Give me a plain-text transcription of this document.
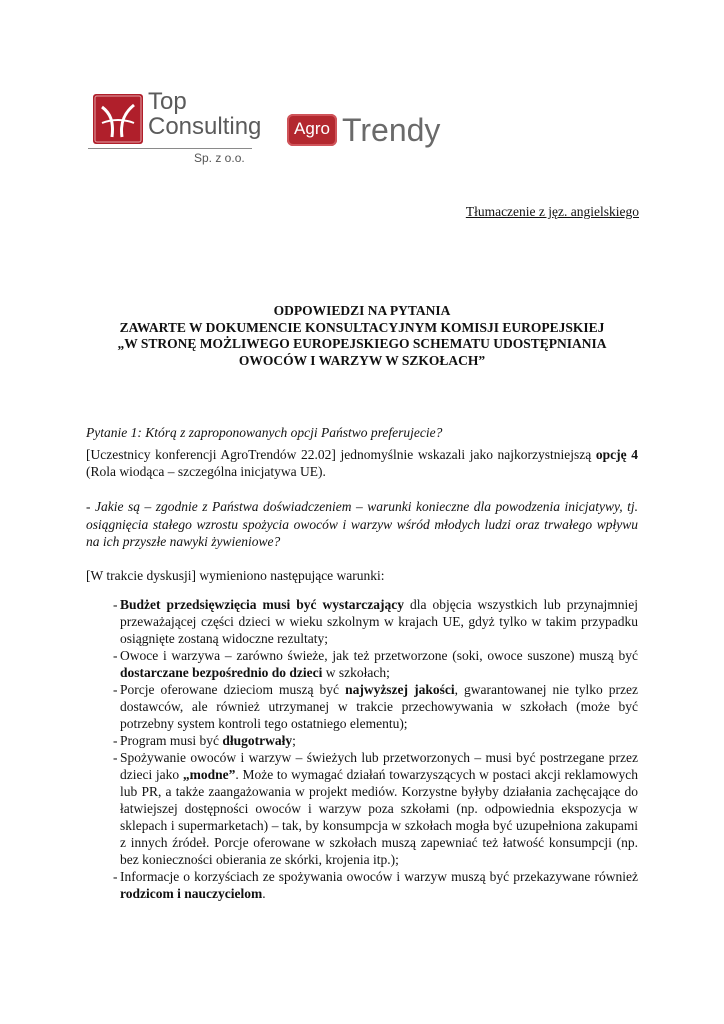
Top
Consulting
Sp. z o.o.
Agro Trendy
Tłumaczenie z jęz. angielskiego
ODPOWIEDZI NA PYTANIA
ZAWARTE W DOKUMENCIE KONSULTACYJNYM KOMISJI EUROPEJSKIEJ
„W STRONĘ MOŻLIWEGO EUROPEJSKIEGO SCHEMATU UDOSTĘPNIANIA
OWOCÓW I WARZYW W SZKOŁACH”
Pytanie 1: Którą z zaproponowanych opcji Państwo preferujecie?
[Uczestnicy konferencji AgroTrendów 22.02] jednomyślnie wskazali jako najkorzystniejszą opcję 4 (Rola wiodąca – szczególna inicjatywa UE).
- Jakie są – zgodnie z Państwa doświadczeniem – warunki konieczne dla powodzenia inicjatywy, tj. osiągnięcia stałego wzrostu spożycia owoców i warzyw wśród młodych ludzi oraz trwałego wpływu na ich przyszłe nawyki żywieniowe?
[W trakcie dyskusji] wymieniono następujące warunki:
- Budżet przedsięwzięcia musi być wystarczający dla objęcia wszystkich lub przynajmniej przeważającej części dzieci w wieku szkolnym w krajach UE, gdyż tylko w takim przypadku osiągnięte zostaną widoczne rezultaty;
- Owoce i warzywa – zarówno świeże, jak też przetworzone (soki, owoce suszone) muszą być dostarczane bezpośrednio do dzieci w szkołach;
- Porcje oferowane dzieciom muszą być najwyższej jakości, gwarantowanej nie tylko przez dostawców, ale również utrzymanej w trakcie przechowywania w szkołach (może być potrzebny system kontroli tego ostatniego elementu);
- Program musi być długotrwały;
- Spożywanie owoców i warzyw – świeżych lub przetworzonych – musi być postrzegane przez dzieci jako „modne”. Może to wymagać działań towarzyszących w postaci akcji reklamowych lub PR, a także zaangażowania w projekt mediów. Korzystne byłyby działania zachęcające do łatwiejszej dostępności owoców i warzyw poza szkołami (np. odpowiednia ekspozycja w sklepach i supermarketach) – tak, by konsumpcja w szkołach mogła być uzupełniona zakupami z innych źródeł. Porcje oferowane w szkołach muszą zapewniać też łatwość konsumpcji (np. bez konieczności obierania ze skórki, krojenia itp.);
- Informacje o korzyściach ze spożywania owoców i warzyw muszą być przekazywane również rodzicom i nauczycielom.
